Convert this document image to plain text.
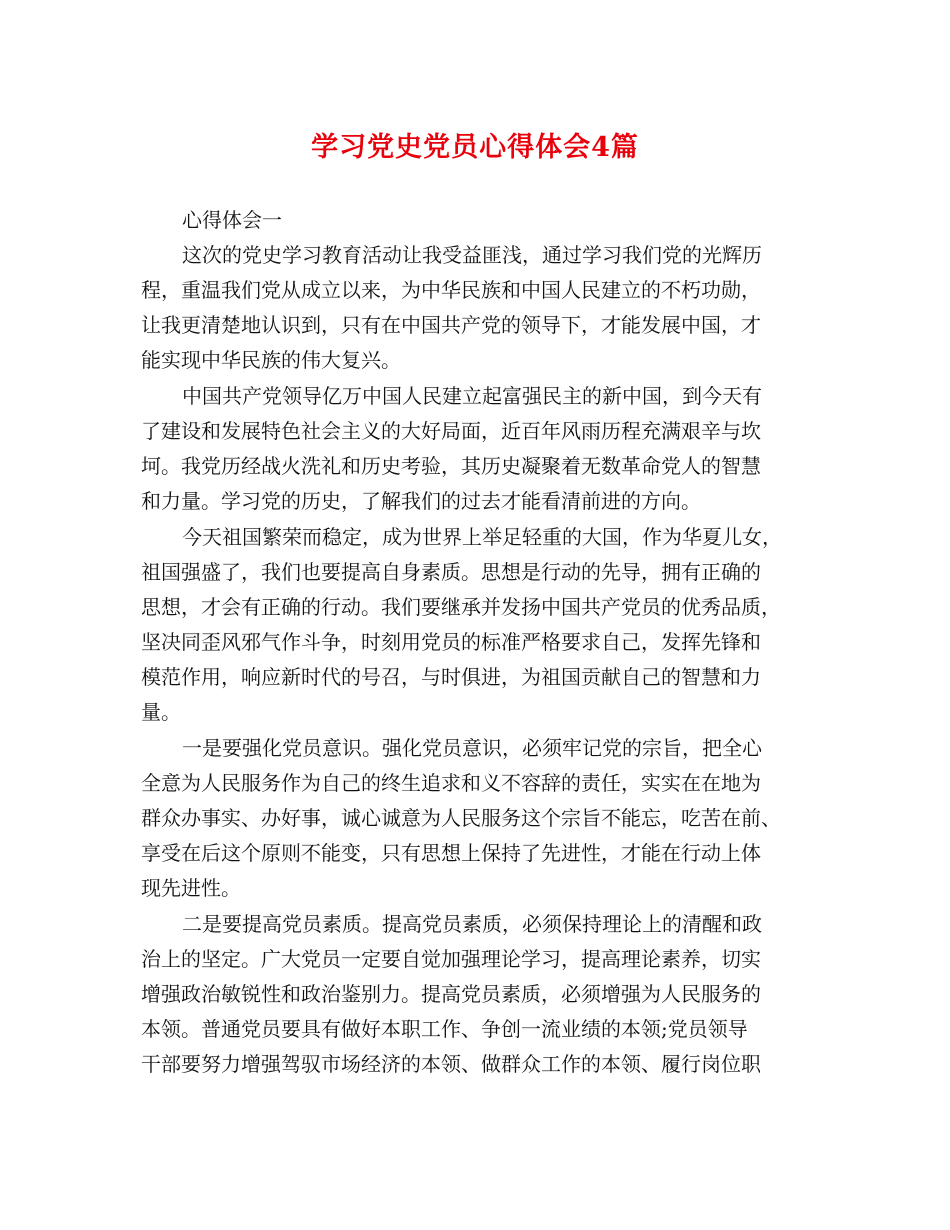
学习党史党员心得体会4篇
心得体会一
这次的党史学习教育活动让我受益匪浅，通过学习我们党的光辉历
程，重温我们党从成立以来，为中华民族和中国人民建立的不朽功勋，
让我更清楚地认识到，只有在中国共产党的领导下，才能发展中国，才
能实现中华民族的伟大复兴。
中国共产党领导亿万中国人民建立起富强民主的新中国，到今天有
了建设和发展特色社会主义的大好局面，近百年风雨历程充满艰辛与坎
坷。我党历经战火洗礼和历史考验，其历史凝聚着无数革命党人的智慧
和力量。学习党的历史，了解我们的过去才能看清前进的方向。
今天祖国繁荣而稳定，成为世界上举足轻重的大国，作为华夏儿女，
祖国强盛了，我们也要提高自身素质。思想是行动的先导，拥有正确的
思想，才会有正确的行动。我们要继承并发扬中国共产党员的优秀品质，
坚决同歪风邪气作斗争，时刻用党员的标准严格要求自己，发挥先锋和
模范作用，响应新时代的号召，与时俱进，为祖国贡献自己的智慧和力
量。
一是要强化党员意识。强化党员意识，必须牢记党的宗旨，把全心
全意为人民服务作为自己的终生追求和义不容辞的责任，实实在在地为
群众办事实、办好事，诚心诚意为人民服务这个宗旨不能忘，吃苦在前、
享受在后这个原则不能变，只有思想上保持了先进性，才能在行动上体
现先进性。
二是要提高党员素质。提高党员素质，必须保持理论上的清醒和政
治上的坚定。广大党员一定要自觉加强理论学习，提高理论素养，切实
增强政治敏锐性和政治鉴别力。提高党员素质，必须增强为人民服务的
本领。普通党员要具有做好本职工作、争创一流业绩的本领;党员领导
干部要努力增强驾驭市场经济的本领、做群众工作的本领、履行岗位职
